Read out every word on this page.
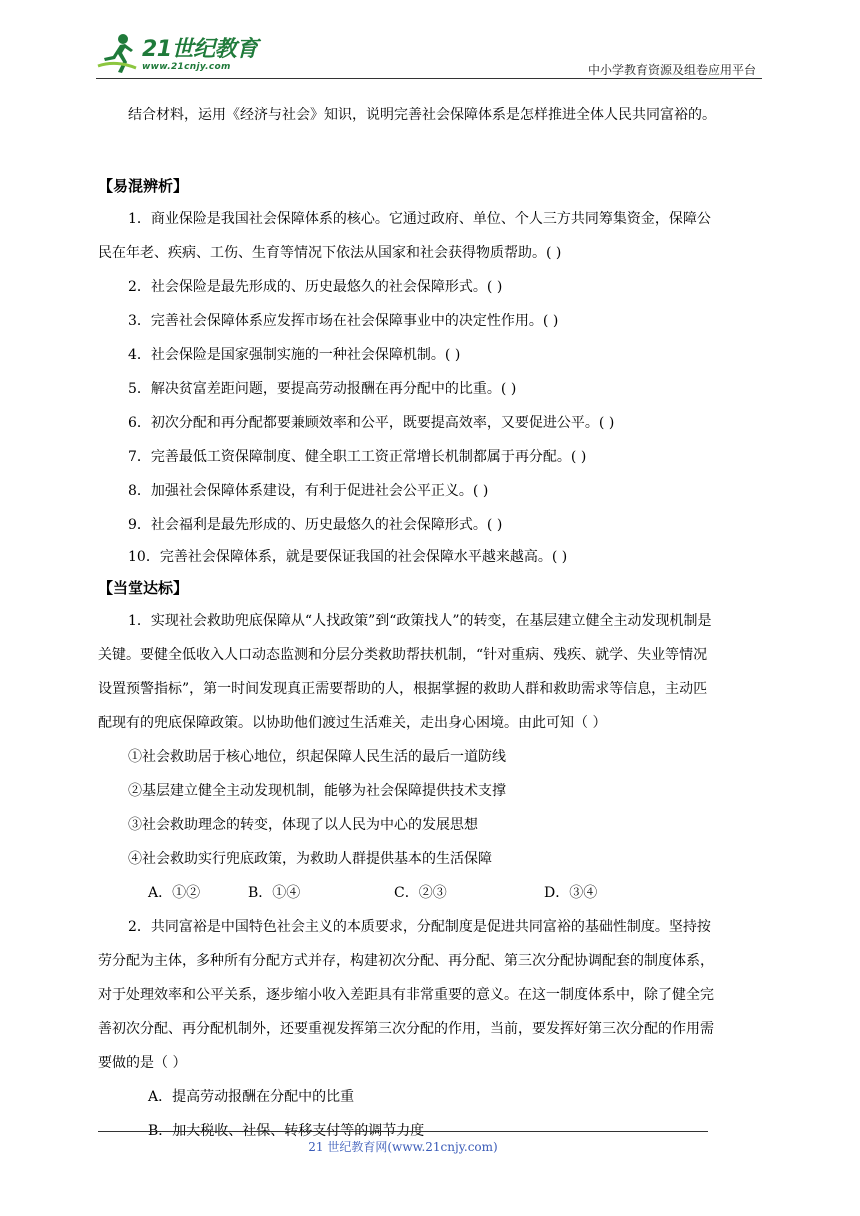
21世纪教育
www.21cnjy.com	中小学教育资源及组卷应用平台

结合材料，运用《经济与社会》知识，说明完善社会保障体系是怎样推进全体人民共同富裕的。

【易混辨析】

1．商业保险是我国社会保障体系的核心。它通过政府、单位、个人三方共同筹集资金，保障公

民在年老、疾病、工伤、生育等情况下依法从国家和社会获得物质帮助。( )

2．社会保险是最先形成的、历史最悠久的社会保障形式。( )

3．完善社会保障体系应发挥市场在社会保障事业中的决定性作用。( )

4．社会保险是国家强制实施的一种社会保障机制。( )

5．解决贫富差距问题，要提高劳动报酬在再分配中的比重。( )

6．初次分配和再分配都要兼顾效率和公平，既要提高效率，又要促进公平。( )

7．完善最低工资保障制度、健全职工工资正常增长机制都属于再分配。( )

8．加强社会保障体系建设，有利于促进社会公平正义。( )

9．社会福利是最先形成的、历史最悠久的社会保障形式。( )

10．完善社会保障体系，就是要保证我国的社会保障水平越来越高。( )

【当堂达标】

1．实现社会救助兜底保障从“人找政策”到“政策找人”的转变，在基层建立健全主动发现机制是

关键。要健全低收入人口动态监测和分层分类救助帮扶机制，“针对重病、残疾、就学、失业等情况

设置预警指标”，第一时间发现真正需要帮助的人，根据掌握的救助人群和救助需求等信息，主动匹

配现有的兜底保障政策。以协助他们渡过生活难关，走出身心困境。由此可知（ ）

①社会救助居于核心地位，织起保障人民生活的最后一道防线

②基层建立健全主动发现机制，能够为社会保障提供技术支撑

③社会救助理念的转变，体现了以人民为中心的发展思想

④社会救助实行兜底政策，为救助人群提供基本的生活保障

A．①②	B．①④	C．②③	D．③④

2．共同富裕是中国特色社会主义的本质要求，分配制度是促进共同富裕的基础性制度。坚持按

劳分配为主体，多种所有分配方式并存，构建初次分配、再分配、第三次分配协调配套的制度体系，

对于处理效率和公平关系，逐步缩小收入差距具有非常重要的意义。在这一制度体系中，除了健全完

善初次分配、再分配机制外，还要重视发挥第三次分配的作用，当前，要发挥好第三次分配的作用需

要做的是（ ）

A．提高劳动报酬在分配中的比重

B．加大税收、社保、转移支付等的调节力度

21 世纪教育网(www.21cnjy.com)
